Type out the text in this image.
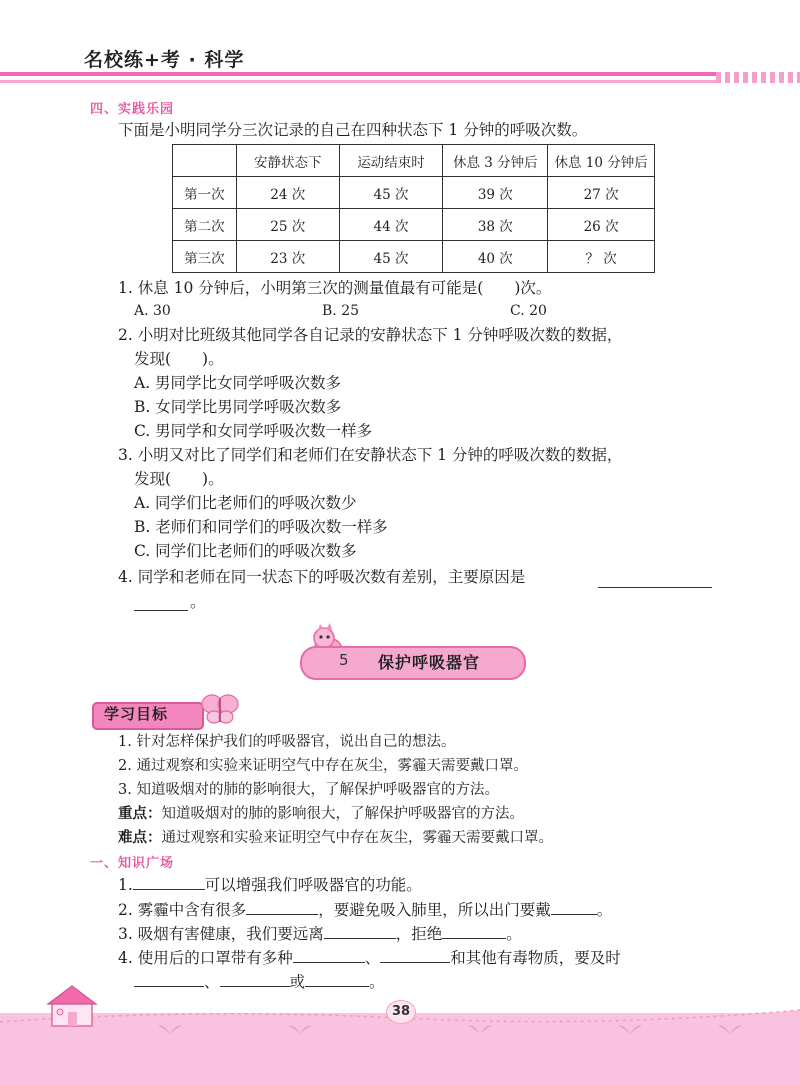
名校练+考 · 科学
四、实践乐园
下面是小明同学分三次记录的自己在四种状态下 1 分钟的呼吸次数。
	安静状态下	运动结束时	休息 3 分钟后	休息 10 分钟后
第一次	24 次	45 次	39 次	27 次
第二次	25 次	44 次	38 次	26 次
第三次	23 次	45 次	40 次	？ 次
1. 休息 10 分钟后，小明第三次的测量值最有可能是(　　)次。
A. 30	B. 25	C. 20
2. 小明对比班级其他同学各自记录的安静状态下 1 分钟呼吸次数的数据，
发现(　　)。
A. 男同学比女同学呼吸次数多
B. 女同学比男同学呼吸次数多
C. 男同学和女同学呼吸次数一样多
3. 小明又对比了同学们和老师们在安静状态下 1 分钟的呼吸次数的数据，
发现(　　)。
A. 同学们比老师们的呼吸次数少
B. 老师们和同学们的呼吸次数一样多
C. 同学们比老师们的呼吸次数多
4. 同学和老师在同一状态下的呼吸次数有差别，主要原因是
。
5 保护呼吸器官
学习目标
1. 针对怎样保护我们的呼吸器官，说出自己的想法。
2. 通过观察和实验来证明空气中存在灰尘，雾霾天需要戴口罩。
3. 知道吸烟对的肺的影响很大，了解保护呼吸器官的方法。
重点：知道吸烟对的肺的影响很大，了解保护呼吸器官的方法。
难点：通过观察和实验来证明空气中存在灰尘，雾霾天需要戴口罩。
一、知识广场
1.	可以增强我们呼吸器官的功能。
2. 雾霾中含有很多	，要避免吸入肺里，所以出门要戴	。
3. 吸烟有害健康，我们要远离	，拒绝	。
4. 使用后的口罩带有多种	、	和其他有毒物质，要及时
、	或	。
38
